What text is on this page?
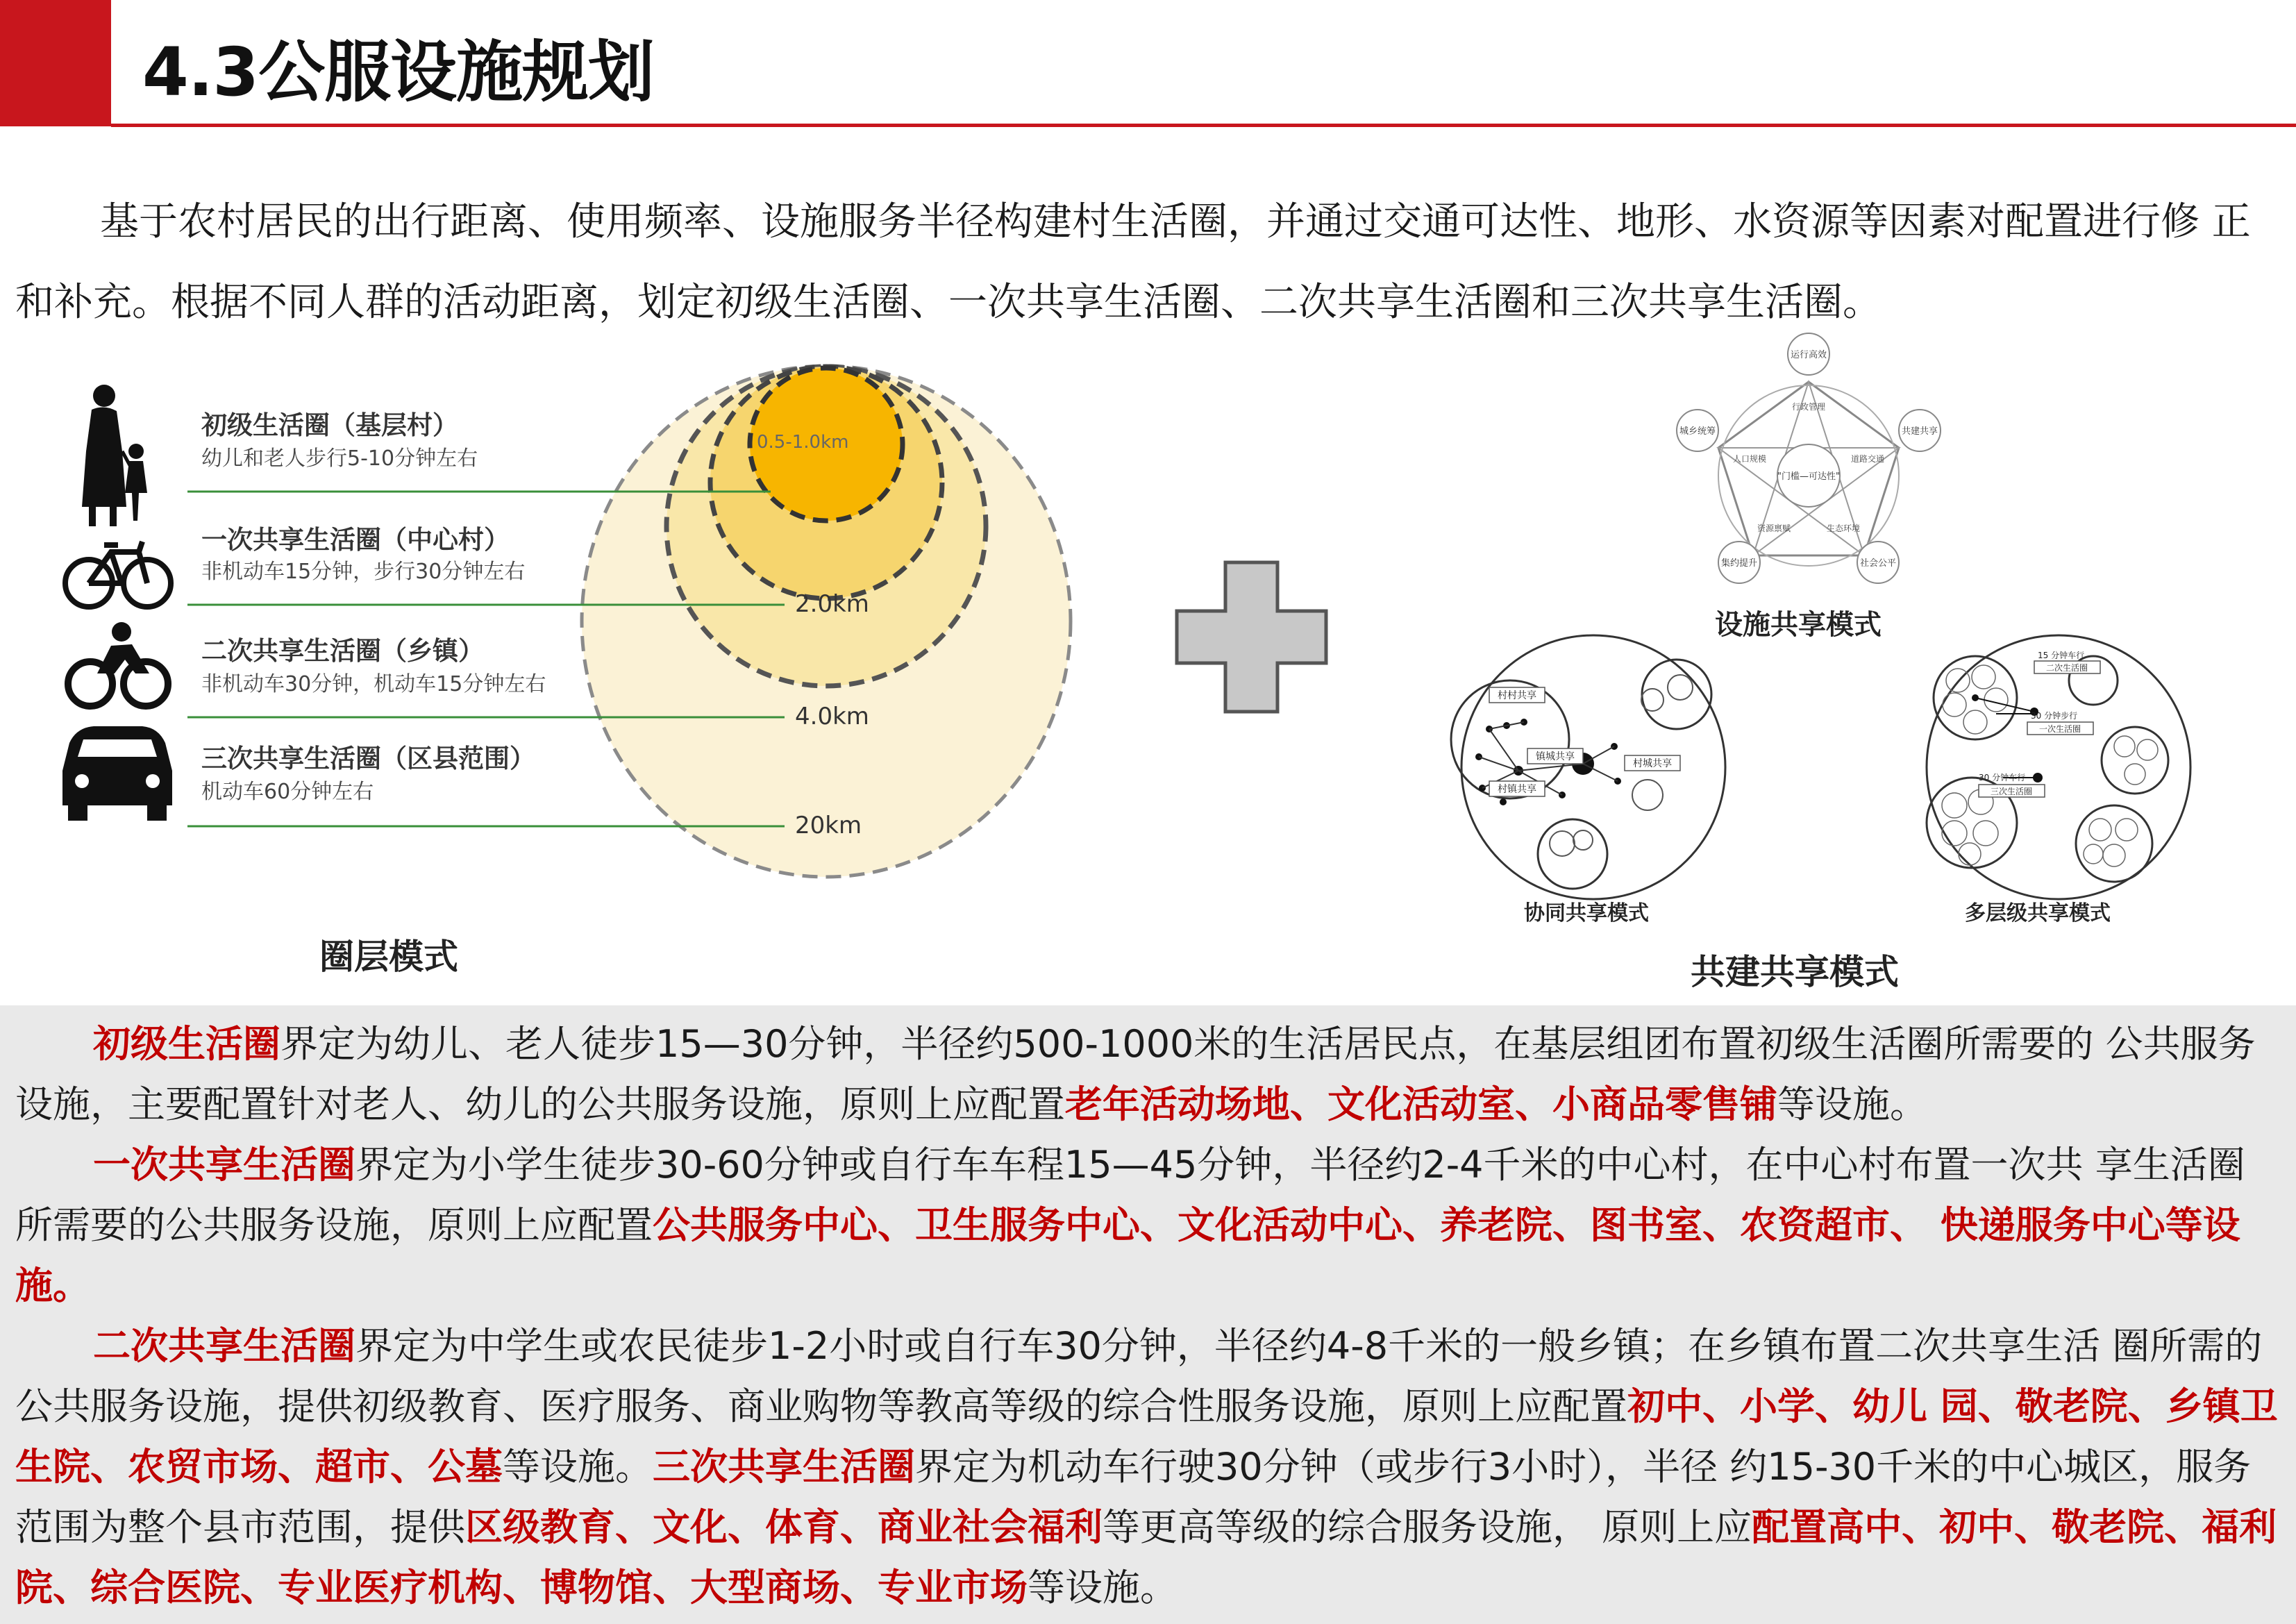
4.3公服设施规划
基于农村居民的出行距离、使用频率、设施服务半径构建村生活圈，并通过交通可达性、地形、水资源等因素对配置进行修 正和补充。根据不同人群的活动距离，划定初级生活圈、一次共享生活圈、二次共享生活圈和三次共享生活圈。
0.5-1.0km
2.0km
4.0km
20km
初级生活圈（基层村）
幼儿和老人步行5-10分钟左右
一次共享生活圈（中心村）
非机动车15分钟，步行30分钟左右
二次共享生活圈（乡镇）
非机动车30分钟，机动车15分钟左右
三次共享生活圈（区县范围）
机动车60分钟左右
圈层模式
"门槛—可达性"
运行高效
共建共享
社会公平
集约提升
城乡统筹
行政管理
道路交通
生态环境
资源禀赋
人口规模
设施共享模式
村村共享
镇城共享
村镇共享
村城共享
协同共享模式
15 分钟车行
二次生活圈
30 分钟步行
一次生活圈
30 分钟车行
三次生活圈
多层级共享模式
共建共享模式

初级生活圈界定为幼儿、老人徒步15—30分钟，半径约500-1000米的生活居民点，在基层组团布置初级生活圈所需要的 公共服务设施，主要配置针对老人、幼儿的公共服务设施，原则上应配置老年活动场地、文化活动室、小商品零售铺等设施。

一次共享生活圈界定为小学生徒步30-60分钟或自行车车程15—45分钟，半径约2-4千米的中心村，在中心村布置一次共 享生活圈所需要的公共服务设施，原则上应配置公共服务中心、卫生服务中心、文化活动中心、养老院、图书室、农资超市、 快递服务中心等设施。

二次共享生活圈界定为中学生或农民徒步1-2小时或自行车30分钟，半径约4-8千米的一般乡镇；在乡镇布置二次共享生活 圈所需的公共服务设施，提供初级教育、医疗服务、商业购物等教高等级的综合性服务设施，原则上应配置初中、小学、幼儿 园、敬老院、乡镇卫生院、农贸市场、超市、公墓等设施。三次共享生活圈界定为机动车行驶30分钟（或步行3小时），半径 约15-30千米的中心城区，服务范围为整个县市范围，提供区级教育、文化、体育、商业社会福利等更高等级的综合服务设施， 原则上应配置高中、初中、敬老院、福利院、综合医院、专业医疗机构、博物馆、大型商场、专业市场等设施。
